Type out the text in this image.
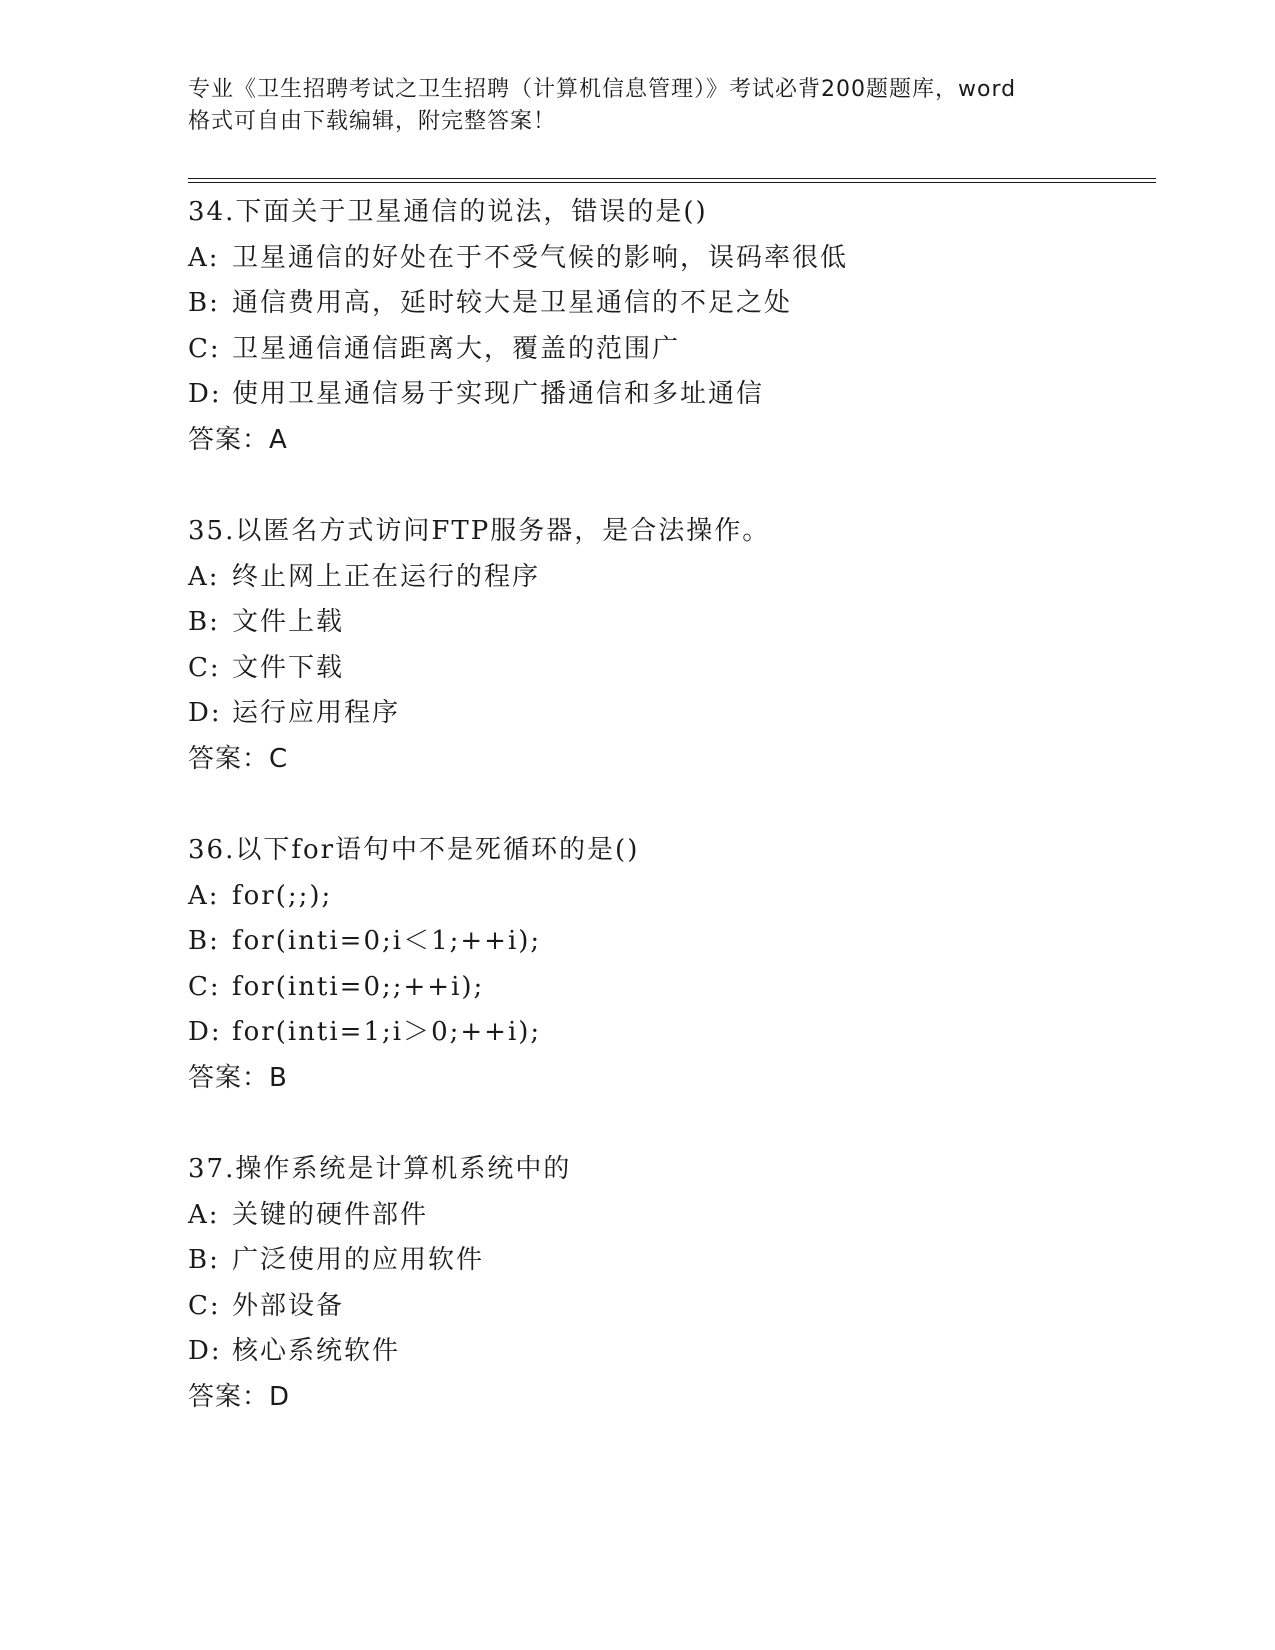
专业《卫生招聘考试之卫生招聘（计算机信息管理）》考试必背200题题库，word
格式可自由下载编辑，附完整答案！
34.下面关于卫星通信的说法，错误的是()
A: 卫星通信的好处在于不受气候的影响，误码率很低
B: 通信费用高，延时较大是卫星通信的不足之处
C: 卫星通信通信距离大，覆盖的范围广
D: 使用卫星通信易于实现广播通信和多址通信
答案：A
35.以匿名方式访问FTP服务器，是合法操作。
A: 终止网上正在运行的程序
B: 文件上载
C: 文件下载
D: 运行应用程序
答案：C
36.以下for语句中不是死循环的是()
A: for(;;);
B: for(inti=0;i＜1;++i);
C: for(inti=0;;++i);
D: for(inti=1;i＞0;++i);
答案：B
37.操作系统是计算机系统中的
A: 关键的硬件部件
B: 广泛使用的应用软件
C: 外部设备
D: 核心系统软件
答案：D
